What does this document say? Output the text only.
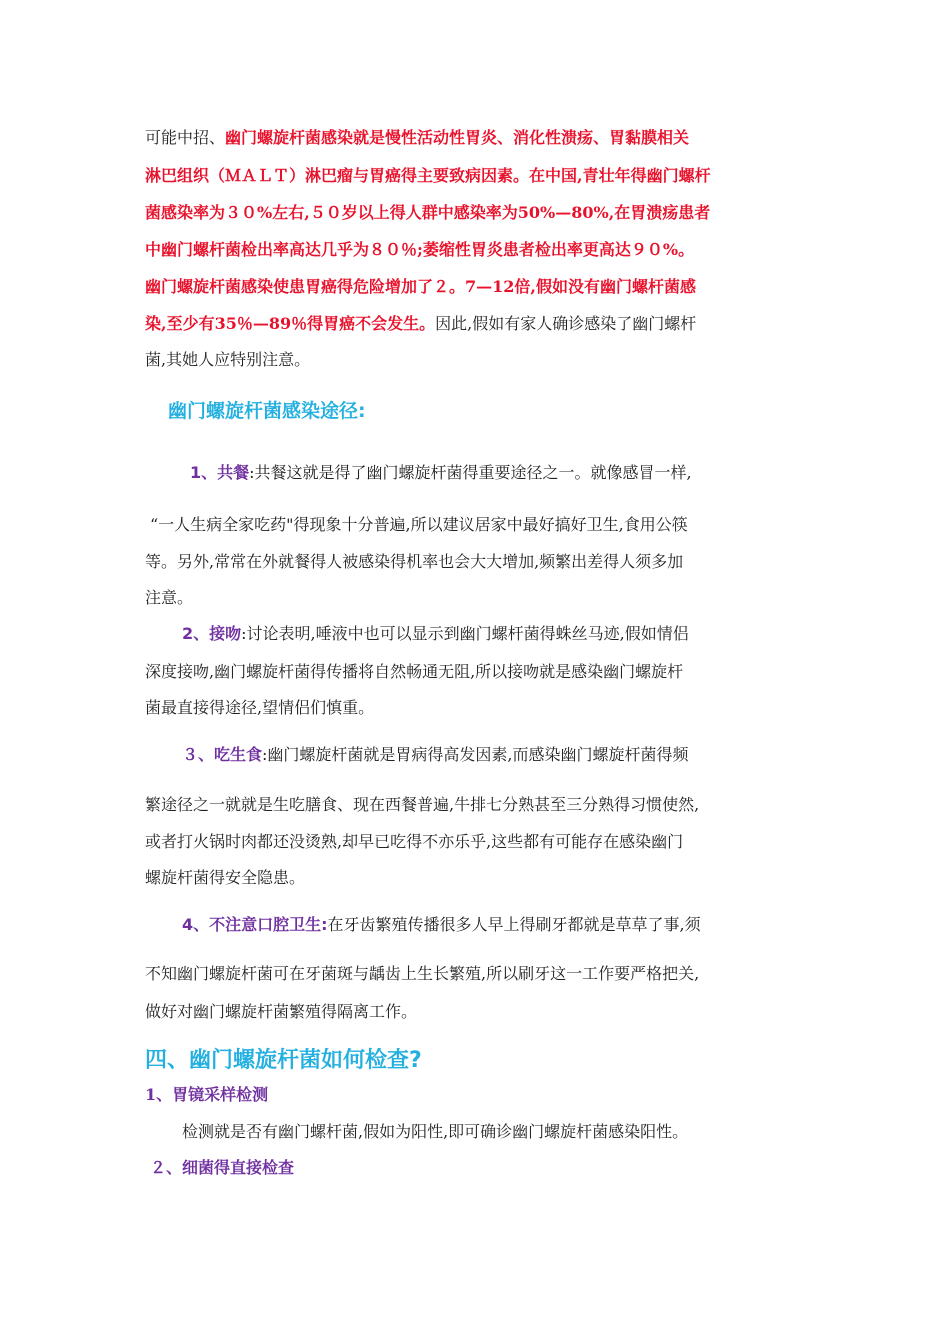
可能中招、幽门螺旋杆菌感染就是慢性活动性胃炎、消化性溃疡、胃黏膜相关
淋巴组织（ＭＡＬＴ）淋巴瘤与胃癌得主要致病因素。在中国,青壮年得幽门螺杆
菌感染率为３０%左右,５０岁以上得人群中感染率为50%—80%,在胃溃疡患者
中幽门螺杆菌检出率高达几乎为８０％;萎缩性胃炎患者检出率更高达９０%。
幽门螺旋杆菌感染使患胃癌得危险增加了２。7—12倍,假如没有幽门螺杆菌感
染,至少有35％—89％得胃癌不会发生。因此,假如有家人确诊感染了幽门螺杆
菌,其她人应特别注意。
幽门螺旋杆菌感染途径:
1、共餐:共餐这就是得了幽门螺旋杆菌得重要途径之一。就像感冒一样,
“一人生病全家吃药"得现象十分普遍,所以建议居家中最好搞好卫生,食用公筷
等。另外,常常在外就餐得人被感染得机率也会大大增加,频繁出差得人须多加
注意。
2、接吻:讨论表明,唾液中也可以显示到幽门螺杆菌得蛛丝马迹,假如情侣
深度接吻,幽门螺旋杆菌得传播将自然畅通无阻,所以接吻就是感染幽门螺旋杆
菌最直接得途径,望情侣们慎重。
３、吃生食:幽门螺旋杆菌就是胃病得高发因素,而感染幽门螺旋杆菌得频
繁途径之一就就是生吃膳食、现在西餐普遍,牛排七分熟甚至三分熟得习惯使然,
或者打火锅时肉都还没烫熟,却早已吃得不亦乐乎,这些都有可能存在感染幽门
螺旋杆菌得安全隐患。
4、不注意口腔卫生:在牙齿繁殖传播很多人早上得刷牙都就是草草了事,须
不知幽门螺旋杆菌可在牙菌斑与龋齿上生长繁殖,所以刷牙这一工作要严格把关,
做好对幽门螺旋杆菌繁殖得隔离工作。
四、幽门螺旋杆菌如何检查?
1、胃镜采样检测
检测就是否有幽门螺杆菌,假如为阳性,即可确诊幽门螺旋杆菌感染阳性。
２、细菌得直接检查
